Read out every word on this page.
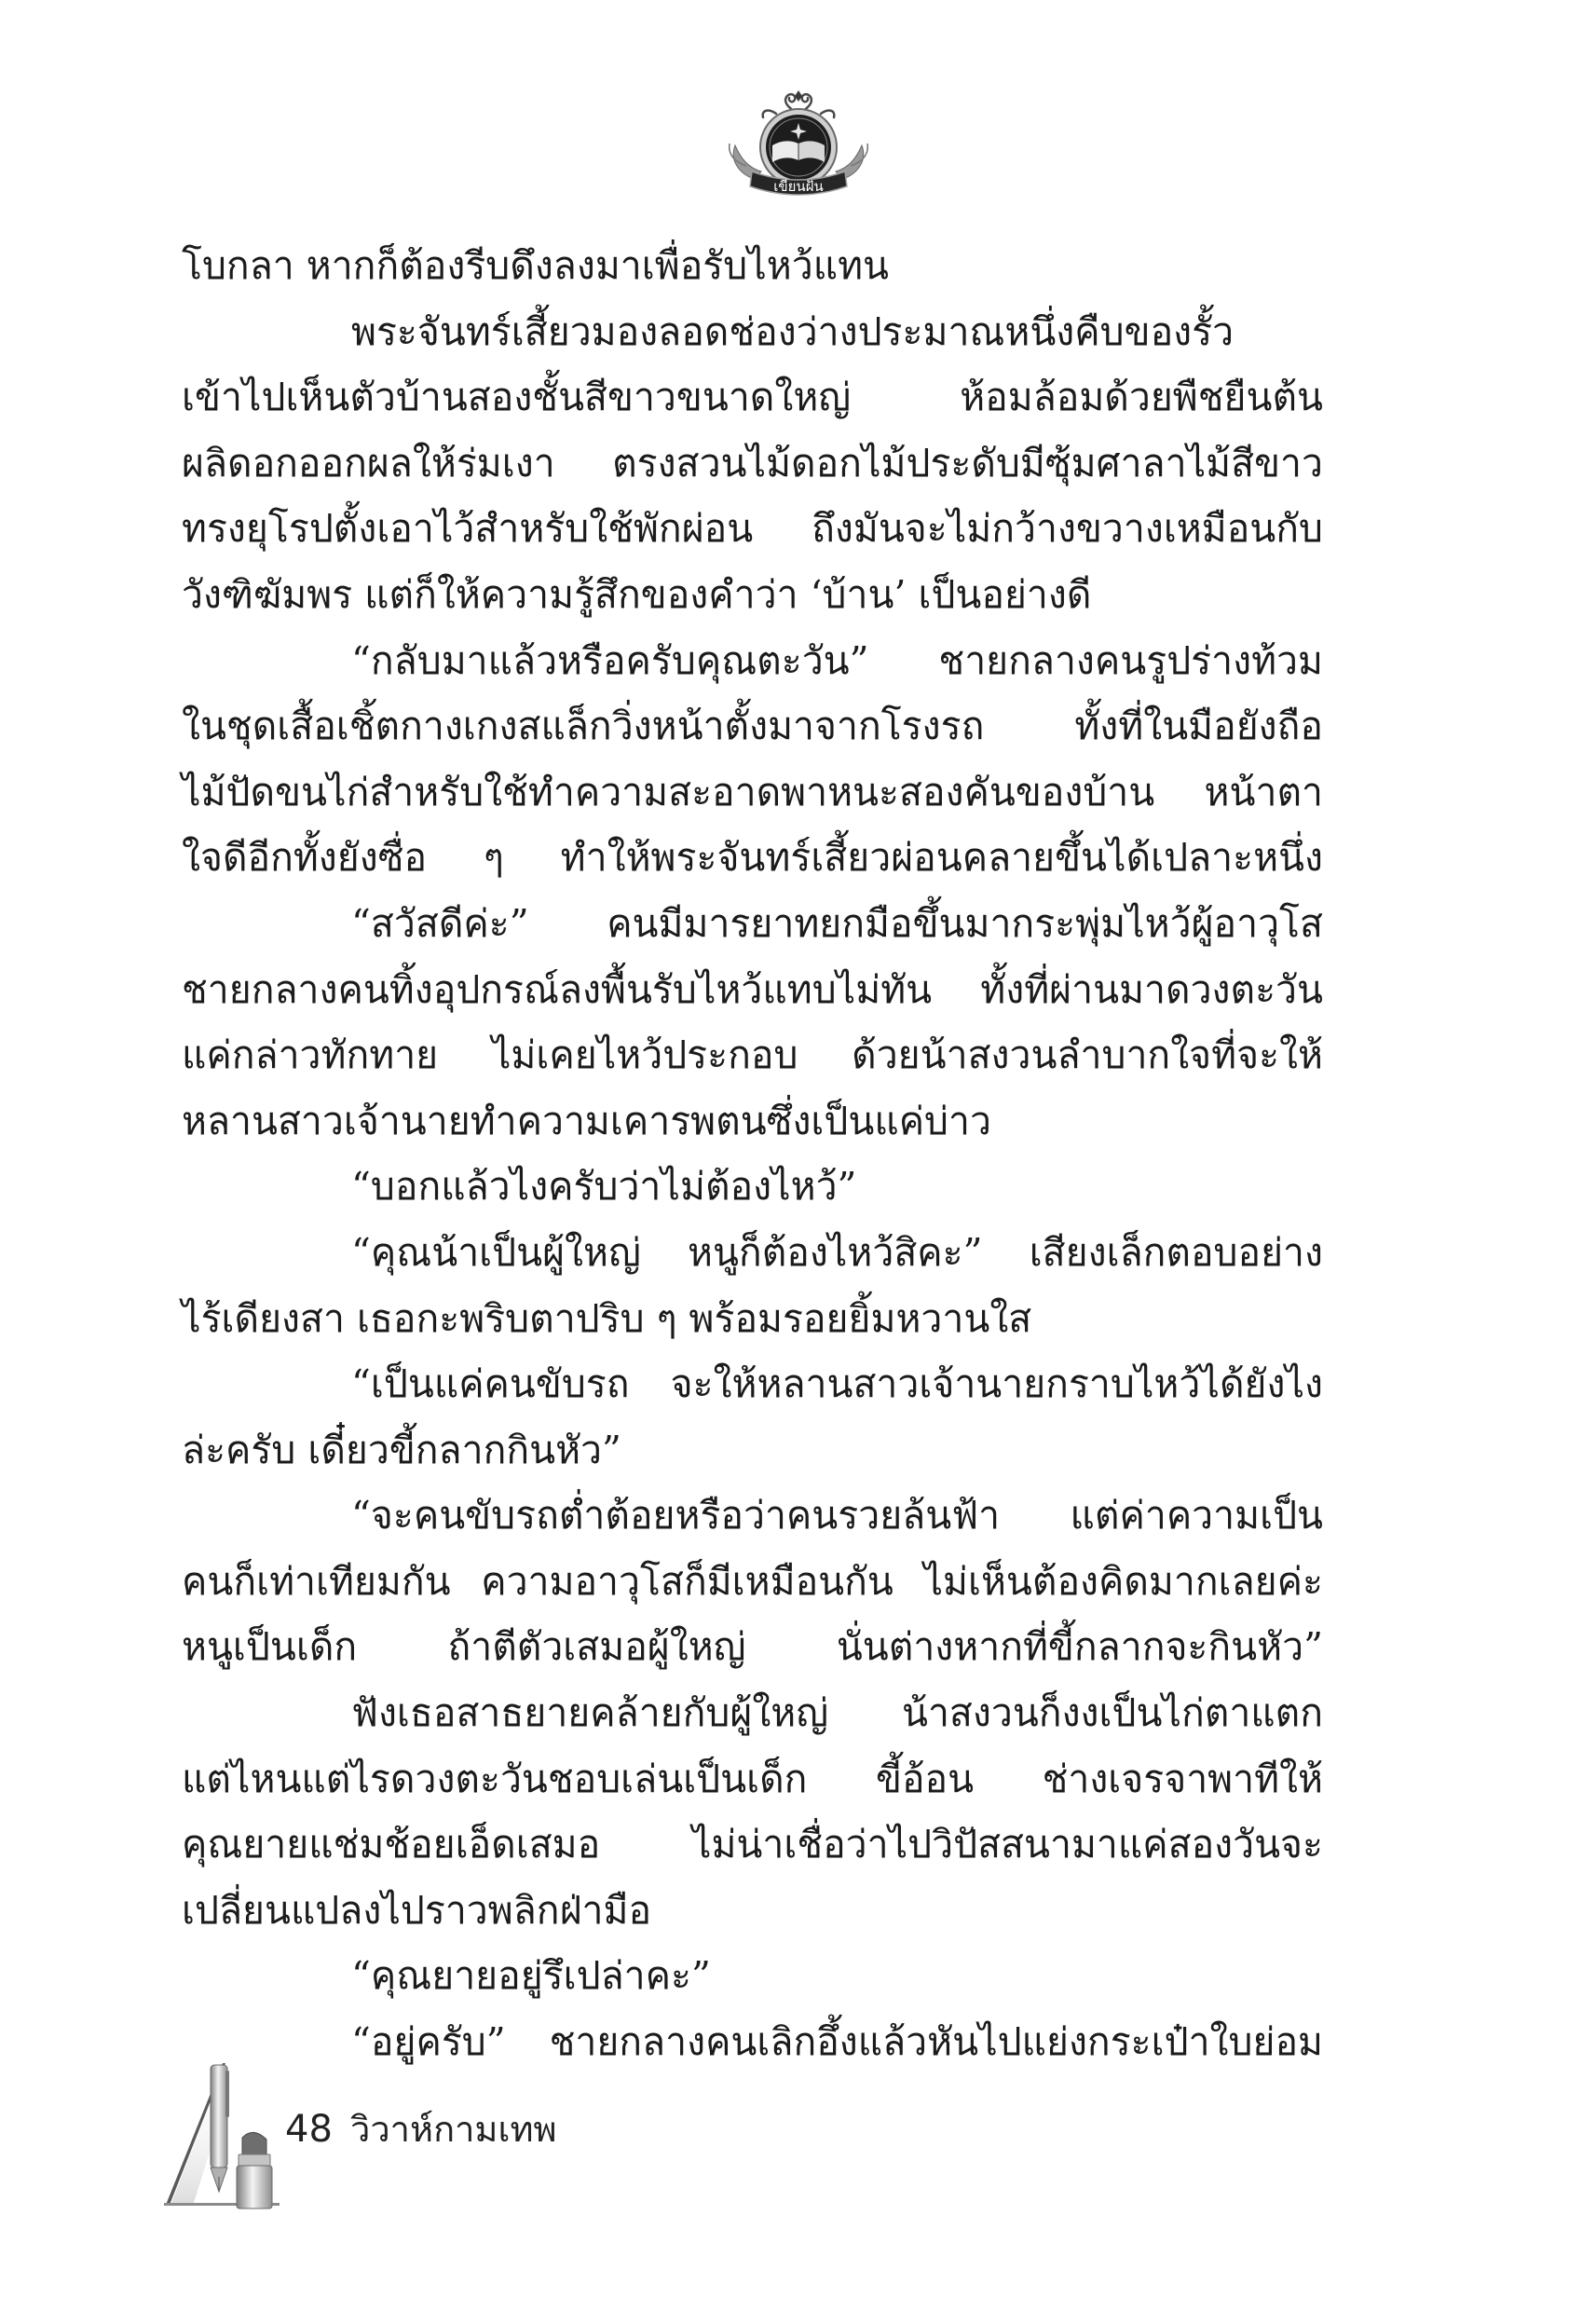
เขียนฝัน
โบกลา หากก็ต้องรีบดึงลงมาเพื่อรับไหว้แทน
พระจันทร์เสี้ยวมองลอดช่องว่างประมาณหนึ่งคืบของรั้ว
เข้าไปเห็นตัวบ้านสองชั้นสีขาวขนาดใหญ่ ห้อมล้อมด้วยพืชยืนต้น
ผลิดอกออกผลให้ร่มเงา ตรงสวนไม้ดอกไม้ประดับมีซุ้มศาลาไม้สีขาว
ทรงยุโรปตั้งเอาไว้สำหรับใช้พักผ่อน ถึงมันจะไม่กว้างขวางเหมือนกับ
วังฑิฆัมพร แต่ก็ให้ความรู้สึกของคำว่า ‘บ้าน’ เป็นอย่างดี
“กลับมาแล้วหรือครับคุณตะวัน” ชายกลางคนรูปร่างท้วม
ในชุดเสื้อเชิ้ตกางเกงสแล็กวิ่งหน้าตั้งมาจากโรงรถ ทั้งที่ในมือยังถือ
ไม้ปัดขนไก่สำหรับใช้ทำความสะอาดพาหนะสองคันของบ้าน หน้าตา
ใจดีอีกทั้งยังซื่อ ๆ ทำให้พระจันทร์เสี้ยวผ่อนคลายขึ้นได้เปลาะหนึ่ง
“สวัสดีค่ะ” คนมีมารยาทยกมือขึ้นมากระพุ่มไหว้ผู้อาวุโส
ชายกลางคนทิ้งอุปกรณ์ลงพื้นรับไหว้แทบไม่ทัน ทั้งที่ผ่านมาดวงตะวัน
แค่กล่าวทักทาย ไม่เคยไหว้ประกอบ ด้วยน้าสงวนลำบากใจที่จะให้
หลานสาวเจ้านายทำความเคารพตนซึ่งเป็นแค่บ่าว
“บอกแล้วไงครับว่าไม่ต้องไหว้”
“คุณน้าเป็นผู้ใหญ่ หนูก็ต้องไหว้สิคะ” เสียงเล็กตอบอย่าง
ไร้เดียงสา เธอกะพริบตาปริบ ๆ พร้อมรอยยิ้มหวานใส
“เป็นแค่คนขับรถ จะให้หลานสาวเจ้านายกราบไหว้ได้ยังไง
ล่ะครับ เดี๋ยวขี้กลากกินหัว”
“จะคนขับรถต่ำต้อยหรือว่าคนรวยล้นฟ้า แต่ค่าความเป็น
คนก็เท่าเทียมกัน ความอาวุโสก็มีเหมือนกัน ไม่เห็นต้องคิดมากเลยค่ะ
หนูเป็นเด็ก ถ้าตีตัวเสมอผู้ใหญ่ นั่นต่างหากที่ขี้กลากจะกินหัว”
ฟังเธอสาธยายคล้ายกับผู้ใหญ่ น้าสงวนก็งงเป็นไก่ตาแตก
แต่ไหนแต่ไรดวงตะวันชอบเล่นเป็นเด็ก ขี้อ้อน ช่างเจรจาพาทีให้
คุณยายแช่มช้อยเอ็ดเสมอ ไม่น่าเชื่อว่าไปวิปัสสนามาแค่สองวันจะ
เปลี่ยนแปลงไปราวพลิกฝ่ามือ
“คุณยายอยู่รึเปล่าคะ”
“อยู่ครับ” ชายกลางคนเลิกอึ้งแล้วหันไปแย่งกระเป๋าใบย่อม
48 วิวาห์กามเทพ
